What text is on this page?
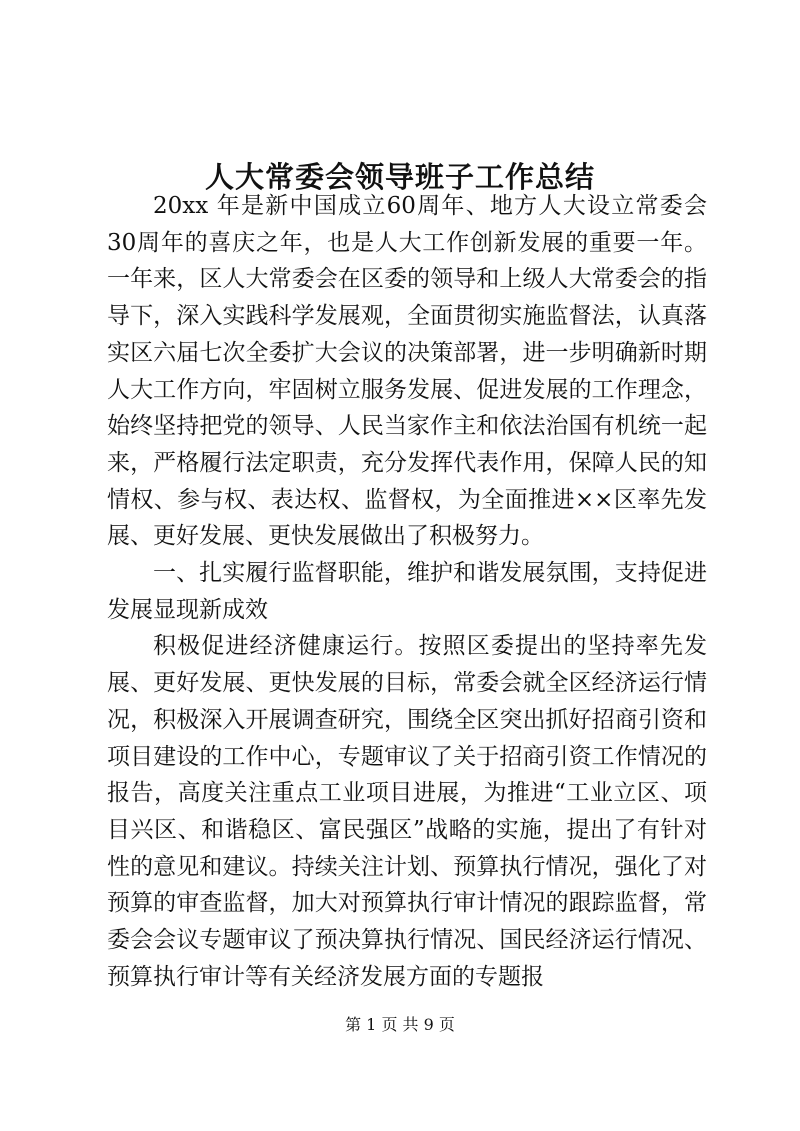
人大常委会领导班子工作总结

20xx 年是新中国成立60周年、地方人大设立常委会30周年的喜庆之年，也是人大工作创新发展的重要一年。一年来，区人大常委会在区委的领导和上级人大常委会的指导下，深入实践科学发展观，全面贯彻实施监督法，认真落实区六届七次全委扩大会议的决策部署，进一步明确新时期人大工作方向，牢固树立服务发展、促进发展的工作理念，始终坚持把党的领导、人民当家作主和依法治国有机统一起来，严格履行法定职责，充分发挥代表作用，保障人民的知情权、参与权、表达权、监督权，为全面推进××区率先发展、更好发展、更快发展做出了积极努力。

一、扎实履行监督职能，维护和谐发展氛围，支持促进发展显现新成效

积极促进经济健康运行。按照区委提出的坚持率先发展、更好发展、更快发展的目标，常委会就全区经济运行情况，积极深入开展调查研究，围绕全区突出抓好招商引资和项目建设的工作中心，专题审议了关于招商引资工作情况的报告，高度关注重点工业项目进展，为推进“工业立区、项目兴区、和谐稳区、富民强区”战略的实施，提出了有针对性的意见和建议。持续关注计划、预算执行情况，强化了对预算的审查监督，加大对预算执行审计情况的跟踪监督，常委会会议专题审议了预决算执行情况、国民经济运行情况、预算执行审计等有关经济发展方面的专题报

第 1 页 共 9 页
